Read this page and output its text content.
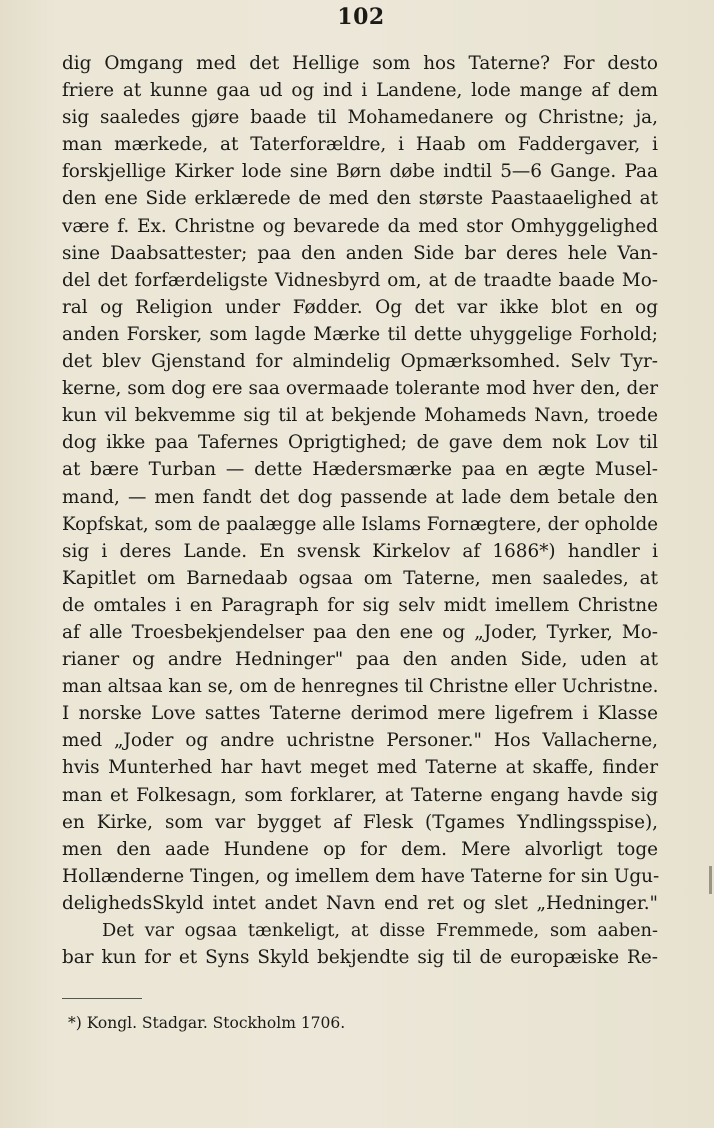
102
dig Omgang med det Hellige som hos Taterne? For desto
friere at kunne gaa ud og ind i Landene, lode mange af dem
sig saaledes gjøre baade til Mohamedanere og Christne; ja,
man mærkede, at Taterforældre, i Haab om Faddergaver, i
forskjellige Kirker lode sine Børn døbe indtil 5—6 Gange. Paa
den ene Side erklærede de med den største Paastaaelighed at
være f. Ex. Christne og bevarede da med stor Omhyggelighed
sine Daabsattester; paa den anden Side bar deres hele Van-
del det forfærdeligste Vidnesbyrd om, at de traadte baade Mo-
ral og Religion under Fødder. Og det var ikke blot en og
anden Forsker, som lagde Mærke til dette uhyggelige Forhold;
det blev Gjenstand for almindelig Opmærksomhed. Selv Tyr-
kerne, som dog ere saa overmaade tolerante mod hver den, der
kun vil bekvemme sig til at bekjende Mohameds Navn, troede
dog ikke paa Tafernes Oprigtighed; de gave dem nok Lov til
at bære Turban — dette Hædersmærke paa en ægte Musel-
mand, — men fandt det dog passende at lade dem betale den
Kopfskat, som de paalægge alle Islams Fornægtere, der opholde
sig i deres Lande. En svensk Kirkelov af 1686*) handler i
Kapitlet om Barnedaab ogsaa om Taterne, men saaledes, at
de omtales i en Paragraph for sig selv midt imellem Christne
af alle Troesbekjendelser paa den ene og „Joder, Tyrker, Mo-
rianer og andre Hedninger" paa den anden Side, uden at
man altsaa kan se, om de henregnes til Christne eller Uchristne.
I norske Love sattes Taterne derimod mere ligefrem i Klasse
med „Joder og andre uchristne Personer." Hos Vallacherne,
hvis Munterhed har havt meget med Taterne at skaffe, finder
man et Folkesagn, som forklarer, at Taterne engang havde sig
en Kirke, som var bygget af Flesk (Tgames Yndlingsspise),
men den aade Hundene op for dem. Mere alvorligt toge
Hollænderne Tingen, og imellem dem have Taterne for sin Ugu-
delighedsSkyld intet andet Navn end ret og slet „Hedninger."
Det var ogsaa tænkeligt, at disse Fremmede, som aaben-
bar kun for et Syns Skyld bekjendte sig til de europæiske Re-
*) Kongl. Stadgar. Stockholm 1706.
